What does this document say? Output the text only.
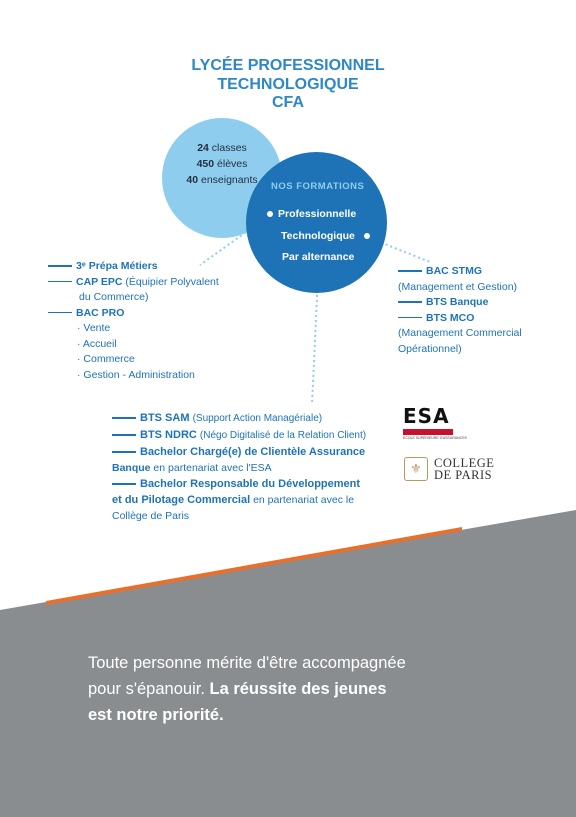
LYCÉE PROFESSIONNEL
TECHNOLOGIQUE
CFA
24 classes
450 élèves
40 enseignants
NOS FORMATIONS
Professionnelle
Technologique
Par alternance
3ᵉ Prépa Métiers
CAP EPC (Équipier Polyvalent
du Commerce)
BAC PRO
· Vente
· Accueil
· Commerce
· Gestion - Administration
BAC STMG
(Management et Gestion)
BTS Banque
BTS MCO
(Management Commercial
Opérationnel)
BTS SAM (Support Action Managériale)
BTS NDRC (Négo Digitalisé de la Relation Client)
Bachelor Chargé(e) de Clientèle Assurance
Banque en partenariat avec l'ESA
Bachelor Responsable du Développement
et du Pilotage Commercial en partenariat avec le
Collège de Paris
ESA
ÉCOLE SUPÉRIEURE D'ASSURANCES
⚜ COLLEGE
DE PARIS
Toute personne mérite d'être accompagnée
pour s'épanouir. La réussite des jeunes
est notre priorité.
